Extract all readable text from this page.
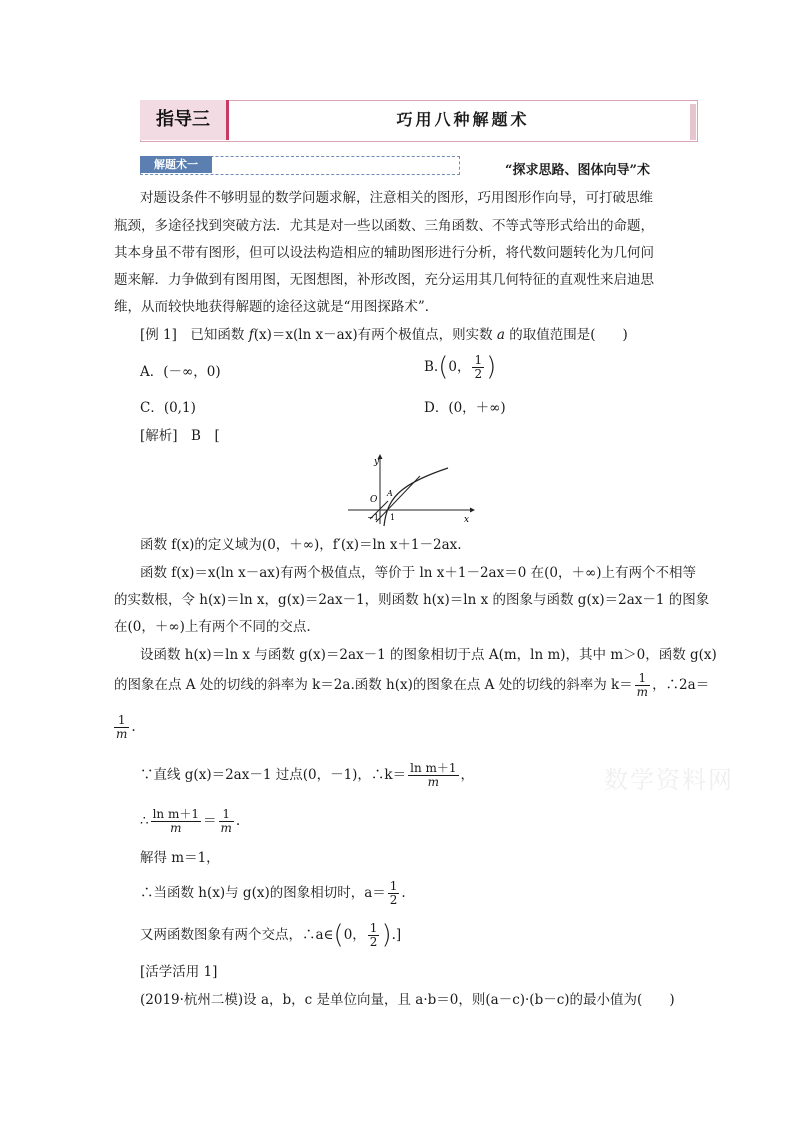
指导三	巧用八种解题术
解题术一	“探求思路、图体向导”术
对题设条件不够明显的数学问题求解，注意相关的图形，巧用图形作向导，可打破思维
瓶颈，多途径找到突破方法．尤其是对一些以函数、三角函数、不等式等形式给出的命题，
其本身虽不带有图形，但可以设法构造相应的辅助图形进行分析，将代数问题转化为几何问
题来解．力争做到有图用图，无图想图，补形改图，充分运用其几何特征的直观性来启迪思
维，从而较快地获得解题的途径这就是“用图探路术”．
[例 1]　 已知函数 f(x)＝x(ln x－ax)有两个极值点，则实数 a 的取值范围是(　　)
A．(－∞，0)	B.(0， $\frac{1}{2}$ )
C．(0,1)	D．(0，＋∞)
[解析]　 B　[
y
x
O
A
−1 1
函数 f(x)的定义域为(0，＋∞)，f′(x)＝ln x＋1－2ax.
函数 f(x)＝x(ln x－ax)有两个极值点，等价于 ln x＋1－2ax＝0 在(0，＋∞)上有两个不相等
的实数根，令 h(x)＝ln x，g(x)＝2ax－1，则函数 h(x)＝ln x 的图象与函数 g(x)＝2ax－1 的图象
在(0，＋∞)上有两个不同的交点.
设函数 h(x)＝ln x 与函数 g(x)＝2ax－1 的图象相切于点 A(m，ln m)，其中 m＞0，函数 g(x)
的图象在点 A 处的切线的斜率为 k＝2a.函数 h(x)的图象在点 A 处的切线的斜率为 $k= \frac{1}{m}$ ，∴2a＝
$\frac{1}{m}$ .
∵直线 g(x)＝2ax－1 过点(0，－1)，∴k＝ $\frac{\text{ln m＋1}}{m}$ ，
∴ $\frac{\text{ln m＋1}}{m} = \frac{1}{m}$ .
解得 m＝1，
∴当函数 h(x)与 g(x)的图象相切时，$a= \frac{1}{2}$ .
又两函数图象有两个交点，∴a∈(0， $\frac{1}{2}$ ).]
[活学活用 1]
(2019·杭州二模)设 a，b，c 是单位向量，且 a·b＝0，则(a－c)·(b－c)的最小值为(　　)
数学资料网
